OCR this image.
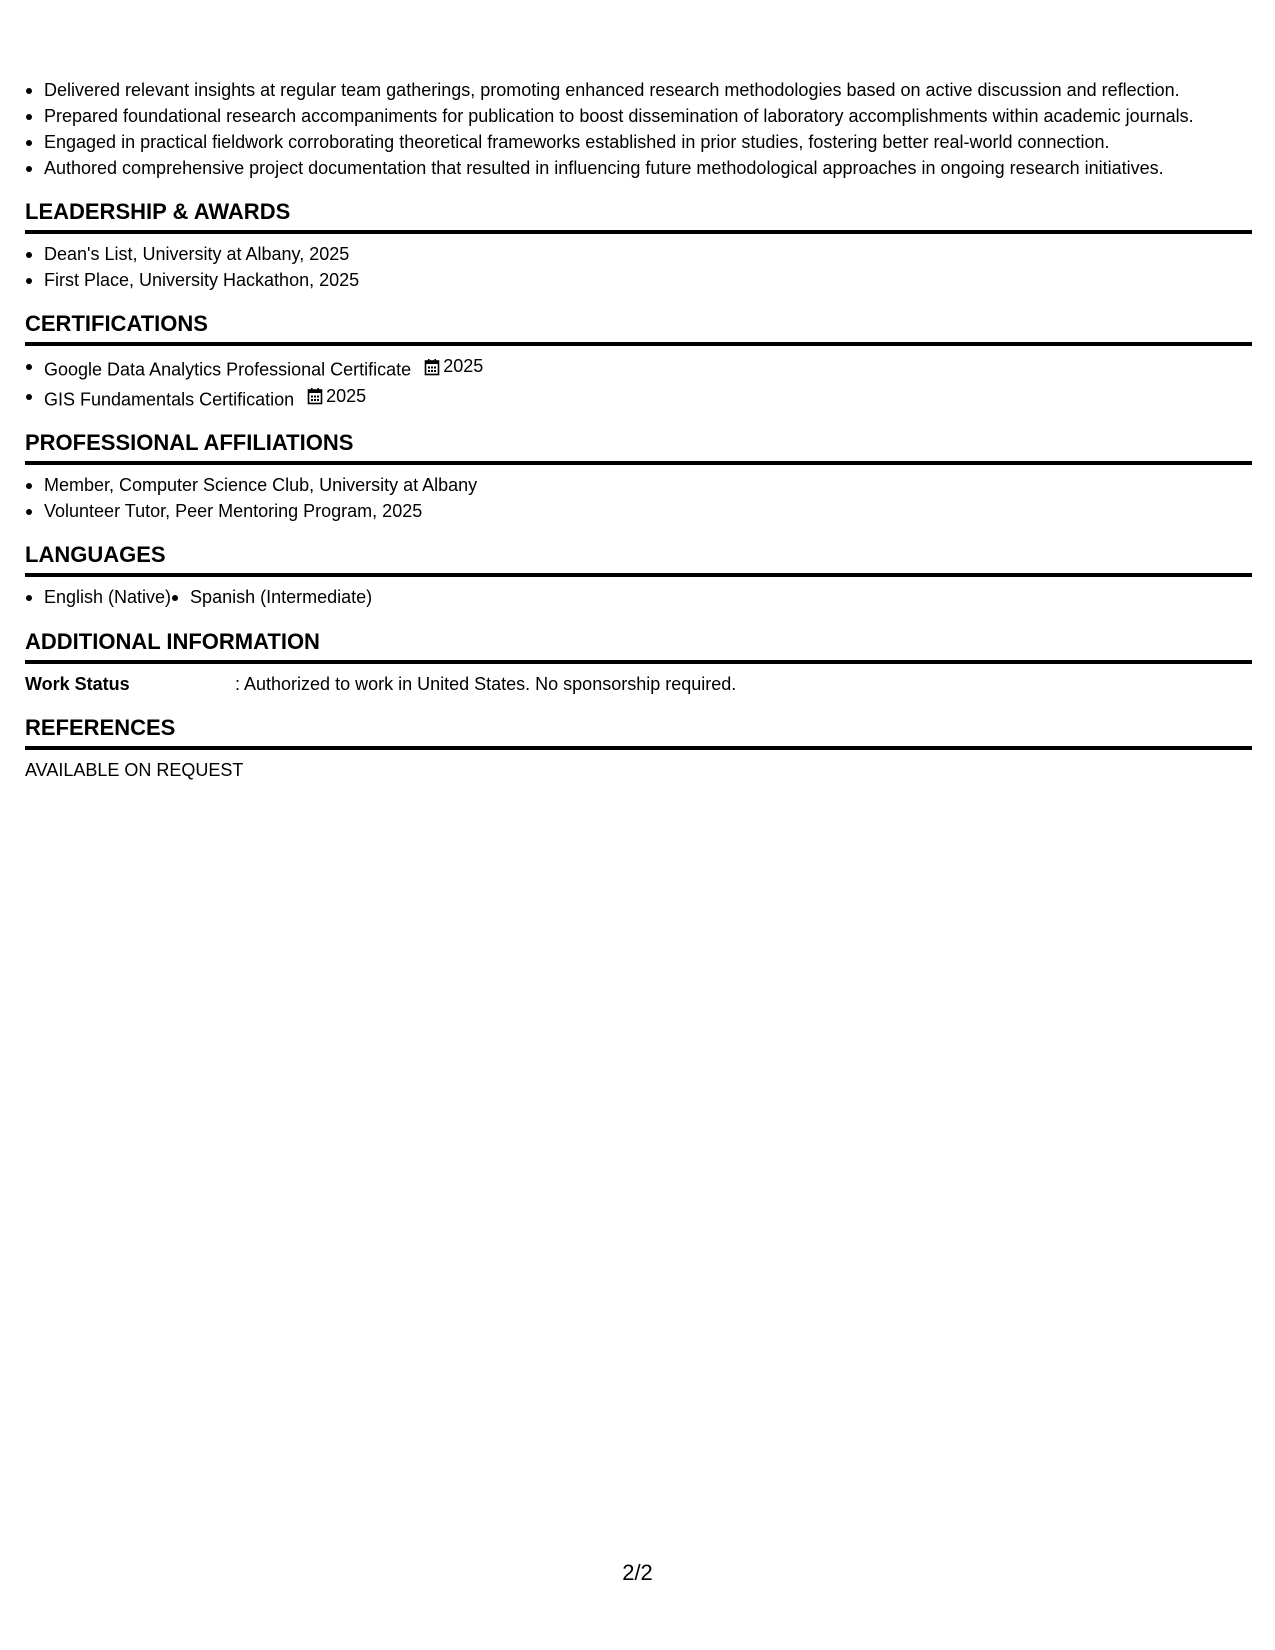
Delivered relevant insights at regular team gatherings, promoting enhanced research methodologies based on active discussion and reflection.
Prepared foundational research accompaniments for publication to boost dissemination of laboratory accomplishments within academic journals.
Engaged in practical fieldwork corroborating theoretical frameworks established in prior studies, fostering better real-world connection.
Authored comprehensive project documentation that resulted in influencing future methodological approaches in ongoing research initiatives.
LEADERSHIP & AWARDS
Dean's List, University at Albany, 2025
First Place, University Hackathon, 2025
CERTIFICATIONS
Google Data Analytics Professional Certificate 2025
GIS Fundamentals Certification 2025
PROFESSIONAL AFFILIATIONS
Member, Computer Science Club, University at Albany
Volunteer Tutor, Peer Mentoring Program, 2025
LANGUAGES
English (Native)	Spanish (Intermediate)
ADDITIONAL INFORMATION
Work Status	: Authorized to work in United States. No sponsorship required.
REFERENCES
AVAILABLE ON REQUEST
2/2
